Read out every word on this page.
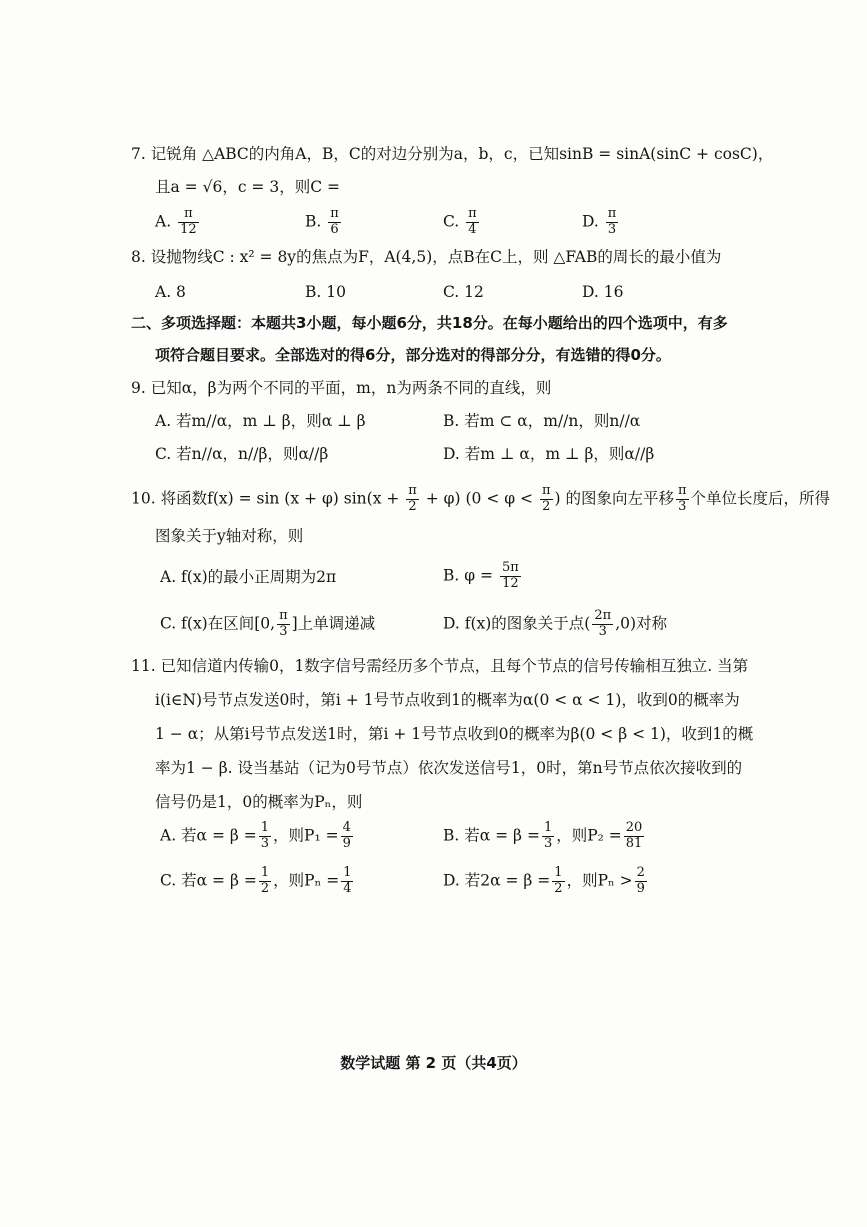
7. 记锐角 △ABC的内角A，B，C的对边分别为a，b，c，已知sinB = sinA(sinC + cosC)，
且a = √6，c = 3，则C =
A. $\frac{\pi}{12}$	B. $\frac{\pi}{6}$	C. $\frac{\pi}{4}$	D. $\frac{\pi}{3}$
8. 设抛物线C : x² = 8y的焦点为F，A(4,5)，点B在C上，则 △FAB的周长的最小值为
A. 8	B. 10	C. 12	D. 16
二、多项选择题：本题共3小题，每小题6分，共18分。在每小题给出的四个选项中，有多
项符合题目要求。全部选对的得6分，部分选对的得部分分，有选错的得0分。
9. 已知α，β为两个不同的平面，m，n为两条不同的直线，则
A. 若m//α，m ⊥ β，则α ⊥ β	B. 若m ⊂ α，m//n，则n//α
C. 若n//α，n//β，则α//β	D. 若m ⊥ α，m ⊥ β，则α//β
10. 将函数f(x) = sin (x + φ) $\sin(x + \frac{\pi}{2} + \varphi)$ ($0 < \varphi < \frac{\pi}{2}$ ) 的图象向左平移 $\frac{\pi}{3}$ 个单位长度后，所得
图象关于y轴对称，则
A. f(x)的最小正周期为2π	B. $\varphi = \frac{5\pi}{12}$
C. f(x)在区间[0, $\frac{\pi}{3}$ ]上单调递减	D. f(x)的图象关于点( $\frac{2\pi}{3} ,0$)对称
11. 已知信道内传输0，1数字信号需经历多个节点，且每个节点的信号传输相互独立. 当第
i(i∈N)号节点发送0时，第i + 1号节点收到1的概率为α(0 < α < 1)，收到0的概率为
1 − α；从第i号节点发送1时，第i + 1号节点收到0的概率为β(0 < β < 1)，收到1的概
率为1 − β. 设当基站（记为0号节点）依次发送信号1，0时，第n号节点依次接收到的
信号仍是1，0的概率为Pₙ，则
A. 若$\alpha = \beta = \frac{1}{3}$ ，则$P_1 = \frac{4}{9}$	B. 若$\alpha = \beta = \frac{1}{3}$ ，则$P_2 = \frac{20}{81}$
C. 若$\alpha = \beta = \frac{1}{2}$ ，则$P_n = \frac{1}{4}$	D. 若$2\alpha = \beta = \frac{1}{2}$ ，则$P_n > \frac{2}{9}$
数学试题 第 2 页（共4页）
